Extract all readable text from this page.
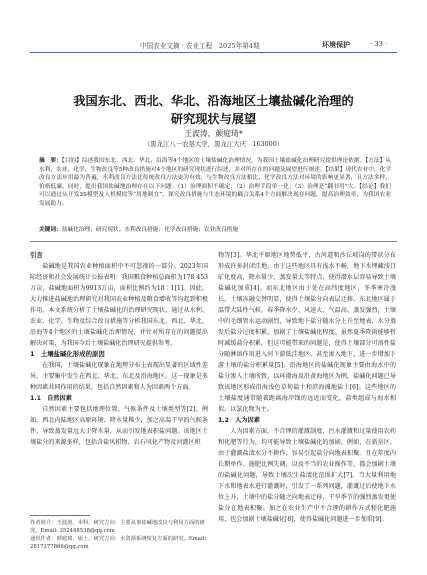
中国农业文摘 · 农业工程　2025年第4期	环境保护	· 33 ·
我国东北、西北、华北、沿海地区土壤盐碱化治理的
研究现状与展望
王波涛，颜庭琦*
（黑龙江八一农垦大学，黑龙江大庆　163000）
摘　要：【目的】综述我国东北、西北、华北、沿海等4个地区的土壤盐碱化治理情况，为我国土壤盐碱化治理研究提供理论依据。【方法】从水利、农业、化学、生物改良等5种改良措施对4个地区的研究现状进行综述，并对所存在的问题及展望进行阐述。【结果】现代农业中，化学改良方法应用最为普遍，水利改良方法比传统改良方法更为有效，与生物改良方法相比，化学改良方法对环境的影响更显著，且方法多样，价格低廉，同时，提出我国盐碱地治理存在以下问题：（1）治理面积不确定；（2）治理手段单一化；（3）治理是“翻书用”大。【结论】我们可以通过从开发3S模型及人机模拟等“用地制宜”，探究改良措施与生态环境的耦合关系4个方面解决现存问题，提高治理效率，为我国农业发展助力。
关键词：盐碱化治理；研究现状；水利改良措施；化学改良措施；农业改良措施
引言

盐碱地是我国农业种植面积中不可忽视的一部分。2023年国际经济和社会发展统计公报表明：我国粮食种植总面积为178 453万亩，盐碱地面积为9913万亩，面积比例约为18∶1[1]。因此，大力推进盐碱地治理研究对我国农业种植及粮食增收等均起到积极作用。本文系统分析了土壤盐碱化的治理研究现状，通过从水利、农业、化学、生物及综合改良措施等分析我国东北、西北、华北、沿海等4个地区的土壤盐碱化治理情况，并针对所存在的问题提出解决对策，为我国今后土壤盐碱化治理研究提供参考。

1　土壤盐碱化形成的原因

在我国，土壤盐碱化现象在地理分布上表现出显著的区域性差异，主要集中发生在西北、华北、东北及沿海地区。这一现象是多种因素共同作用的结果，包括自然因素和人为因素两个方面。

1.1　自然因素

自然因素主要包括地理位置、气候条件及土壤类型等[2]。例如，西北内陆地区高原环境、降水量稀少，加之高温干旱的气候条件，导致蒸发量远大于降水量，从而引发地表积盐问题。该地区土壤盐分的来源多样，包括含盐风积物、岩石风化产物及河灌区积

物等[3]。华北平原地区地势低平，古河道和沙丘坡岗的带状分布形成许多封闭洼地，由于这些地区具有浅水不畅，地下水埋藏浅且矿化度高，降水量少、蒸发量大等特点，使得潜水层容易导致土壤盐碱化加重[4]。而东北地区由于处在高纬度地区，冬季寒冷漫长，土壤冻融交替明显，使得土壤盐分向表层迁移。东北地区属于温带大陆性气候，春季降水少、风速大、气温高、蒸发强烈，土壤中的毛细管水运动剧烈，导致地下盐分随水分上升至地表，水分蒸发后盐分过度积累，加剧了土壤盐碱化程度。虽然夏季降雨能够暂时减缓盐分积累，但这可能带来的问题是，使得土壤部分可溶性盐分随淋溶作用进入河下游低洼地区，甚至渗入地下，进一步增加下游土壤的盐分积累量[5]。沿海地区的盐碱化现象主要由海水中的盐分渗入土壤所致，以环渤海及沿黄海地区为例，盐碱化问题已导致该地区形成沿海浅色草甸盐土和滨海滩地盐土[6]。这些地区的土壤盐度通常随着距离海岸线的远近而变化，盐类组成与海水相似，以氯化物为主。

1.2　人为因素

人为因素方面，不合理的灌溉制度、污水灌溉和过量使用农药和化肥等行为，均可能导致土壤盐碱化的加剧。例如，在新垦区，由于灌溉盐渍水分不耕作，容易引起盐分向地表积聚。且在年度内长期单作、施肥比例失调，以及不当的农业操作等，都会加剧土壤的盐碱化问题，导致土壤次生盐渍化范围扩大[7]。当大量利用地下水和地表水进行灌溉时，引发了一系列问题，灌溉过后使地下水位上升，土壤中的盐分随之向地表迁移，干旱季节的强烈蒸发更使盐分在地表积聚。加之在农业生产中不合理的耕作方式和化肥施用，也会加剧土壤盐碱化[8]，使得盐碱化问题进一步加重[9]。

作者简介：王波涛，本科，研究方向：主要从事盐碱地改良与利用方面的研究。Email: 352448538@qq.com

通讯作者：颜庭琦，硕士，研究方向：水资源系统恢复方面的研究。Email: 2817377866@qq.com
